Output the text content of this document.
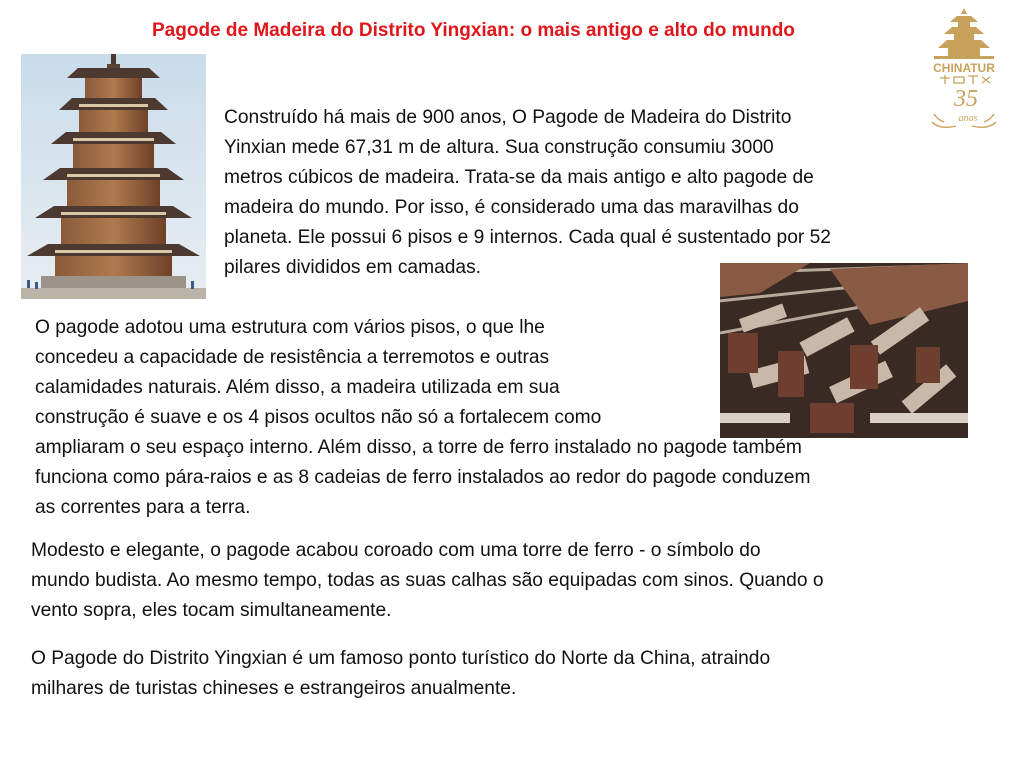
Pagode de Madeira do Distrito Yingxian: o mais antigo e alto do mundo
CHINATUR
35
anos

Construído há mais de 900 anos, O Pagode de Madeira do Distrito
Yinxian mede 67,31 m de altura. Sua construção consumiu 3000
metros cúbicos de madeira. Trata-se da mais antigo e alto pagode de
madeira do mundo. Por isso, é considerado uma das maravilhas do
planeta. Ele possui 6 pisos e 9 internos. Cada qual é sustentado por 52
pilares divididos em camadas.

O pagode adotou uma estrutura com vários pisos, o que lhe
concedeu a capacidade de resistência a terremotos e outras
calamidades naturais. Além disso, a madeira utilizada em sua
construção é suave e os 4 pisos ocultos não só a fortalecem como
ampliaram o seu espaço interno. Além disso, a torre de ferro instalado no pagode também
funciona como pára-raios e as 8 cadeias de ferro instalados ao redor do pagode conduzem
as correntes para a terra.

Modesto e elegante, o pagode acabou coroado com uma torre de ferro - o símbolo do
mundo budista. Ao mesmo tempo, todas as suas calhas são equipadas com sinos. Quando o
vento sopra, eles tocam simultaneamente.

O Pagode do Distrito Yingxian é um famoso ponto turístico do Norte da China, atraindo
milhares de turistas chineses e estrangeiros anualmente.
